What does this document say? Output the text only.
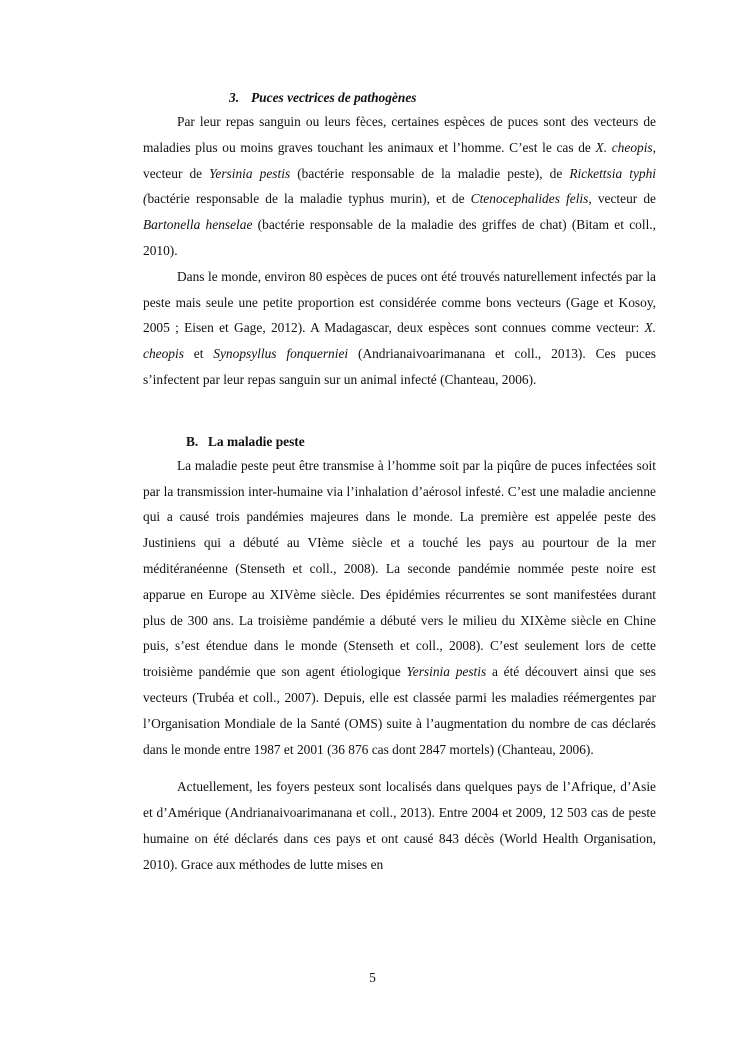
3. Puces vectrices de pathogènes

Par leur repas sanguin ou leurs fèces, certaines espèces de puces sont des vecteurs de maladies plus ou moins graves touchant les animaux et l’homme. C’est le cas de X. cheopis, vecteur de Yersinia pestis (bactérie responsable de la maladie peste), de Rickettsia typhi (bactérie responsable de la maladie typhus murin), et de Ctenocephalides felis, vecteur de Bartonella henselae (bactérie responsable de la maladie des griffes de chat) (Bitam et coll., 2010).

Dans le monde, environ 80 espèces de puces ont été trouvés naturellement infectés par la peste mais seule une petite proportion est considérée comme bons vecteurs (Gage et Kosoy, 2005 ; Eisen et Gage, 2012). A Madagascar, deux espèces sont connues comme vecteur: X. cheopis et Synopsyllus fonquerniei (Andrianaivoarimanana et coll., 2013). Ces puces s’infectent par leur repas sanguin sur un animal infecté (Chanteau, 2006).

B. La maladie peste

La maladie peste peut être transmise à l’homme soit par la piqûre de puces infectées soit par la transmission inter-humaine via l’inhalation d’aérosol infesté. C’est une maladie ancienne qui a causé trois pandémies majeures dans le monde. La première est appelée peste des Justiniens qui a débuté au VIème siècle et a touché les pays au pourtour de la mer méditéranéenne (Stenseth et coll., 2008). La seconde pandémie nommée peste noire est apparue en Europe au XIVème siècle. Des épidémies récurrentes se sont manifestées durant plus de 300 ans. La troisième pandémie a débuté vers le milieu du XIXème siècle en Chine puis, s’est étendue dans le monde (Stenseth et coll., 2008). C’est seulement lors de cette troisième pandémie que son agent étiologique Yersinia pestis a été découvert ainsi que ses vecteurs (Trubéa et coll., 2007). Depuis, elle est classée parmi les maladies réémergentes par l’Organisation Mondiale de la Santé (OMS) suite à l’augmentation du nombre de cas déclarés dans le monde entre 1987 et 2001 (36 876 cas dont 2847 mortels) (Chanteau, 2006).

Actuellement, les foyers pesteux sont localisés dans quelques pays de l’Afrique, d’Asie et d’Amérique (Andrianaivoarimanana et coll., 2013). Entre 2004 et 2009, 12 503 cas de peste humaine on été déclarés dans ces pays et ont causé 843 décès (World Health Organisation, 2010). Grace aux méthodes de lutte mises en

5
